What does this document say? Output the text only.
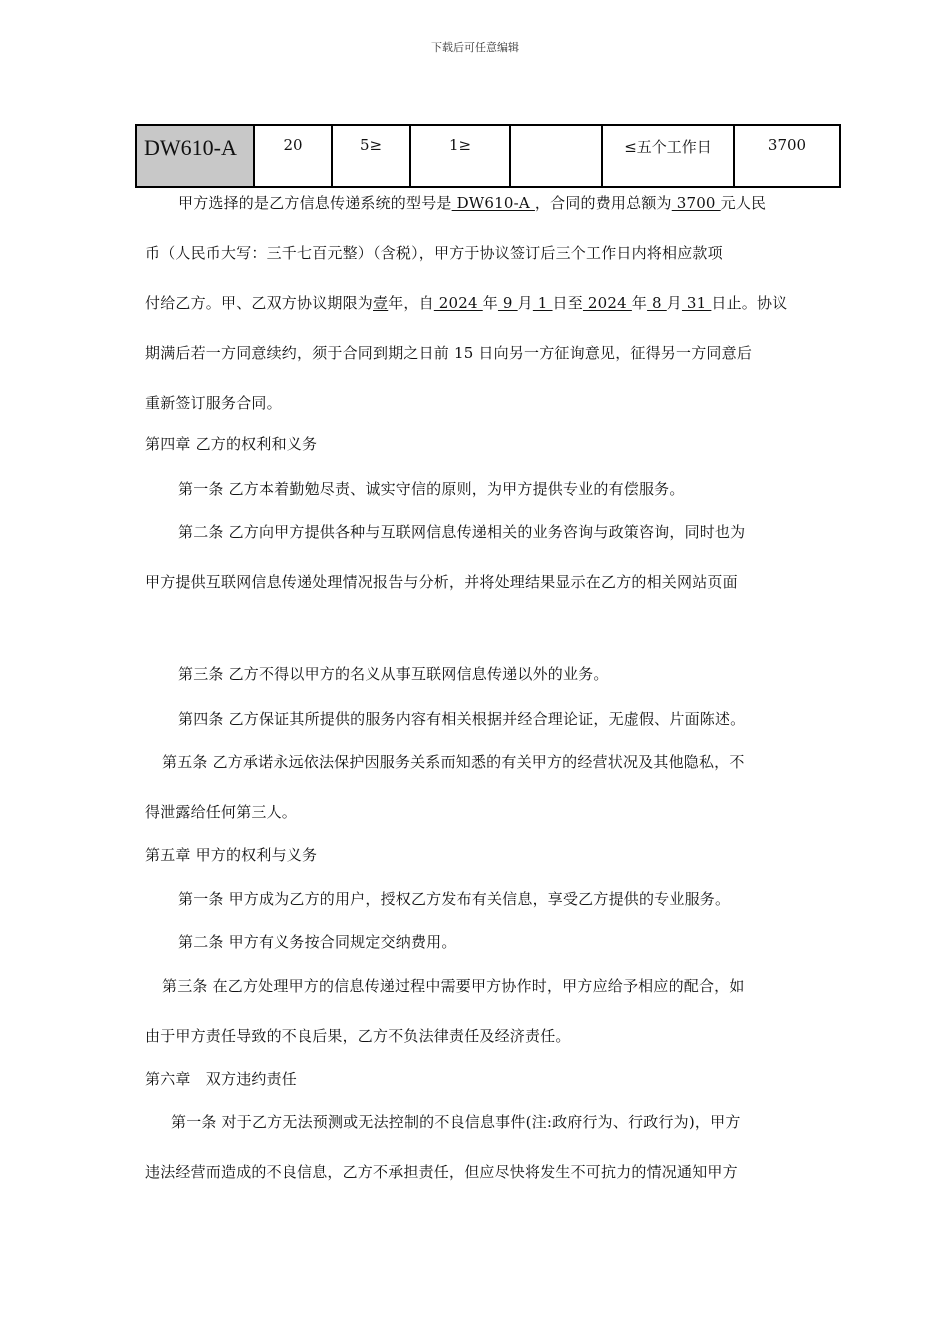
下载后可任意编辑
DW610-A	20	5≥	1≥		≤五个工作日	3700
甲方选择的是乙方信息传递系统的型号是 DW610-A ，合同的费用总额为 3700 元人民
币（人民币大写：三千七百元整）（含税），甲方于协议签订后三个工作日内将相应款项
付给乙方。甲、乙双方协议期限为壹年，自 2024 年 9 月 1 日至 2024 年 8 月 31 日止。协议
期满后若一方同意续约，须于合同到期之日前 15 日向另一方征询意见，征得另一方同意后
重新签订服务合同。
第四章 乙方的权利和义务
第一条 乙方本着勤勉尽责、诚实守信的原则，为甲方提供专业的有偿服务。
第二条 乙方向甲方提供各种与互联网信息传递相关的业务咨询与政策咨询，同时也为
甲方提供互联网信息传递处理情况报告与分析，并将处理结果显示在乙方的相关网站页面
第三条 乙方不得以甲方的名义从事互联网信息传递以外的业务。
第四条 乙方保证其所提供的服务内容有相关根据并经合理论证，无虚假、片面陈述。
第五条 乙方承诺永远依法保护因服务关系而知悉的有关甲方的经营状况及其他隐私，不
得泄露给任何第三人。
第五章 甲方的权利与义务
第一条 甲方成为乙方的用户，授权乙方发布有关信息，享受乙方提供的专业服务。
第二条 甲方有义务按合同规定交纳费用。
第三条 在乙方处理甲方的信息传递过程中需要甲方协作时，甲方应给予相应的配合，如
由于甲方责任导致的不良后果，乙方不负法律责任及经济责任。
第六章　双方违约责任
第一条 对于乙方无法预测或无法控制的不良信息事件(注:政府行为、行政行为)，甲方
违法经营而造成的不良信息，乙方不承担责任，但应尽快将发生不可抗力的情况通知甲方
